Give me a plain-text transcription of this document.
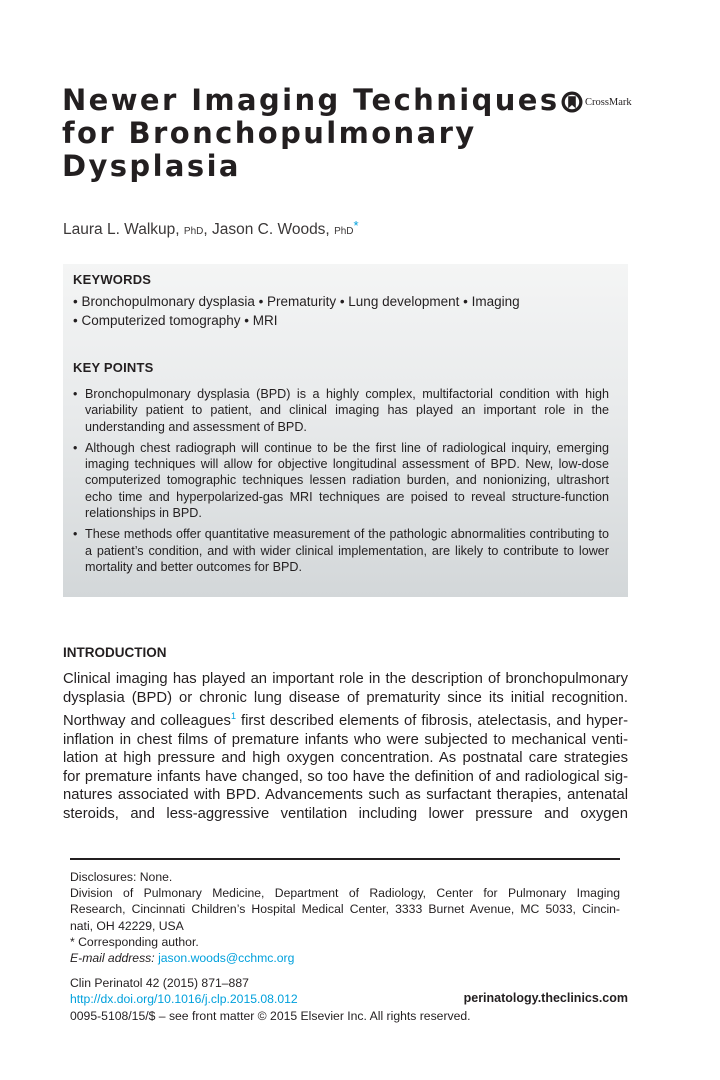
Newer Imaging Techniques
for Bronchopulmonary
Dysplasia
CrossMark
Laura L. Walkup, PhD, Jason C. Woods, PhD*
KEYWORDS
• Bronchopulmonary dysplasia • Prematurity • Lung development • Imaging
• Computerized tomography • MRI
KEY POINTS
• Bronchopulmonary dysplasia (BPD) is a highly complex, multifactorial condition with high variability patient to patient, and clinical imaging has played an important role in the understanding and assessment of BPD.
• Although chest radiograph will continue to be the first line of radiological inquiry, emerging imaging techniques will allow for objective longitudinal assessment of BPD. New, low-dose computerized tomographic techniques lessen radiation burden, and nonionizing, ultrashort echo time and hyperpolarized-gas MRI techniques are poised to reveal structure-function relationships in BPD.
• These methods offer quantitative measurement of the pathologic abnormalities contributing to a patient’s condition, and with wider clinical implementation, are likely to contribute to lower mortality and better outcomes for BPD.
INTRODUCTION
Clinical imaging has played an important role in the description of bronchopulmonary
dysplasia (BPD) or chronic lung disease of prematurity since its initial recognition.
Northway and colleagues$^1$ first described elements of fibrosis, atelectasis, and hyper-
inflation in chest films of premature infants who were subjected to mechanical venti-
lation at high pressure and high oxygen concentration. As postnatal care strategies
for premature infants have changed, so too have the definition of and radiological sig-
natures associated with BPD. Advancements such as surfactant therapies, antenatal
steroids, and less-aggressive ventilation including lower pressure and oxygen
Disclosures: None.
Division of Pulmonary Medicine, Department of Radiology, Center for Pulmonary Imaging
Research, Cincinnati Children’s Hospital Medical Center, 3333 Burnet Avenue, MC 5033, Cincin-
nati, OH 42229, USA
* Corresponding author.
E-mail address: jason.woods@cchmc.org
Clin Perinatol 42 (2015) 871–887
http://dx.doi.org/10.1016/j.clp.2015.08.012
0095-5108/15/$ – see front matter © 2015 Elsevier Inc. All rights reserved.
perinatology.theclinics.com
